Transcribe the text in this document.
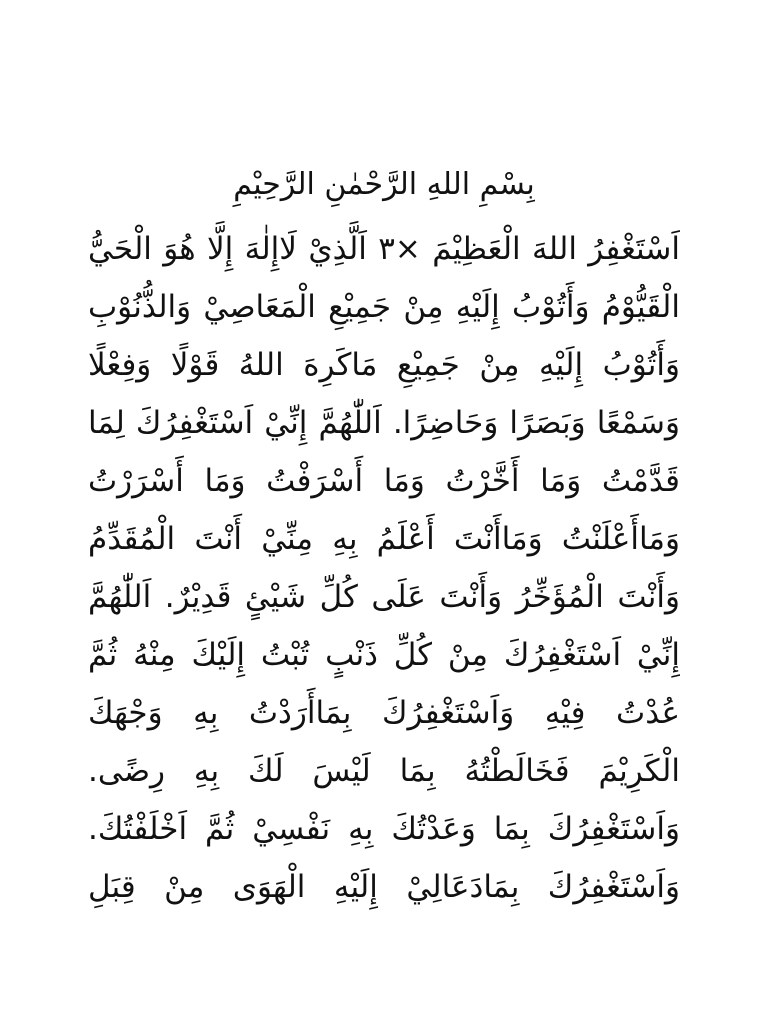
بِسْمِ اللهِ الرَّحْمٰنِ الرَّحِيْمِ
اَسْتَغْفِرُ اللهَ الْعَظِيْمَ ×٣ اَلَّذِيْ لَاإِلٰهَ إِلَّا هُوَ الْحَيُّ
الْقَيُّوْمُ وَأَتُوْبُ إِلَيْهِ مِنْ جَمِيْعِ الْمَعَاصِيْ وَالذُّنُوْبِ
وَأَتُوْبُ إِلَيْهِ مِنْ جَمِيْعِ مَاكَرِهَ اللهُ قَوْلًا وَفِعْلًا
وَسَمْعًا وَبَصَرًا وَحَاضِرًا. اَللّٰهُمَّ إِنِّيْ اَسْتَغْفِرُكَ لِمَا
قَدَّمْتُ وَمَا أَخَّرْتُ وَمَا أَسْرَفْتُ وَمَا أَسْرَرْتُ
وَمَاأَعْلَنْتُ وَمَاأَنْتَ أَعْلَمُ بِهِ مِنِّيْ أَنْتَ الْمُقَدِّمُ
وَأَنْتَ الْمُؤَخِّرُ وَأَنْتَ عَلَى كُلِّ شَيْئٍ قَدِيْرٌ. اَللّٰهُمَّ
إِنِّيْ اَسْتَغْفِرُكَ مِنْ كُلِّ ذَنْبٍ تُبْتُ إِلَيْكَ مِنْهُ ثُمَّ
عُدْتُ فِيْهِ وَاَسْتَغْفِرُكَ بِمَاأَرَدْتُ بِهِ وَجْهَكَ
الْكَرِيْمَ فَخَالَطْتُهُ بِمَا لَيْسَ لَكَ بِهِ رِضًى.
وَاَسْتَغْفِرُكَ بِمَا وَعَدْتُكَ بِهِ نَفْسِيْ ثُمَّ اَخْلَفْتُكَ.
وَاَسْتَغْفِرُكَ بِمَادَعَالِيْ إِلَيْهِ الْهَوَى مِنْ قِبَلِ
